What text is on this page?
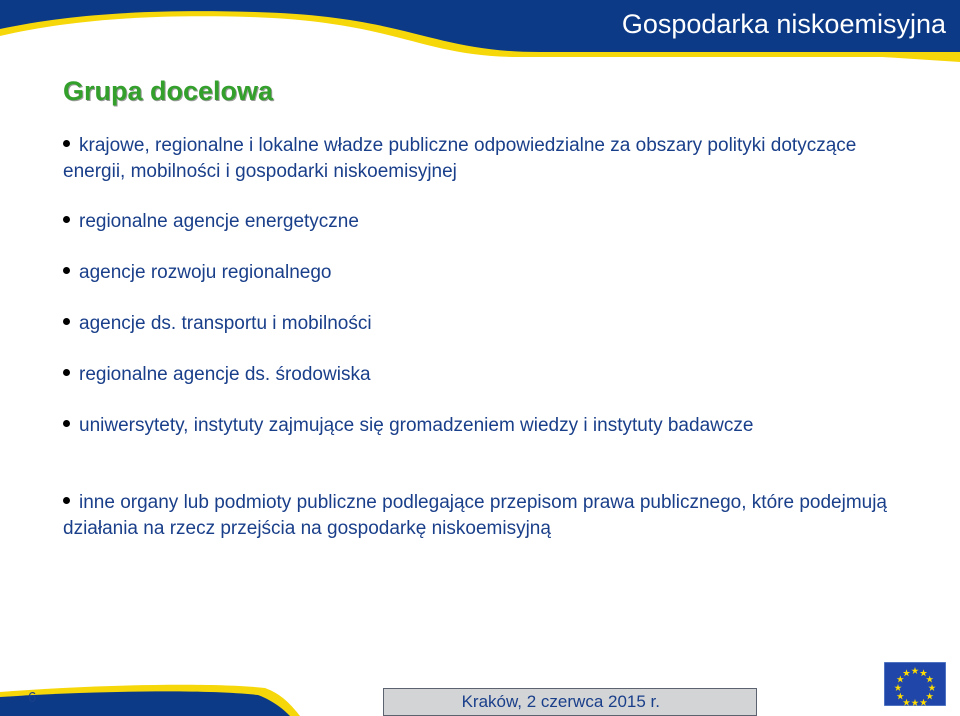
Gospodarka niskoemisyjna
Grupa docelowa
krajowe, regionalne i lokalne władze publiczne odpowiedzialne za obszary polityki dotyczące energii, mobilności i gospodarki niskoemisyjnej
regionalne agencje energetyczne
agencje rozwoju regionalnego
agencje ds. transportu i mobilności
regionalne agencje ds. środowiska
uniwersytety, instytuty zajmujące się gromadzeniem wiedzy i instytuty badawcze
inne organy lub podmioty publiczne podlegające przepisom prawa publicznego, które podejmują działania na rzecz przejścia na gospodarkę niskoemisyjną
6	Kraków, 2 czerwca 2015 r.
